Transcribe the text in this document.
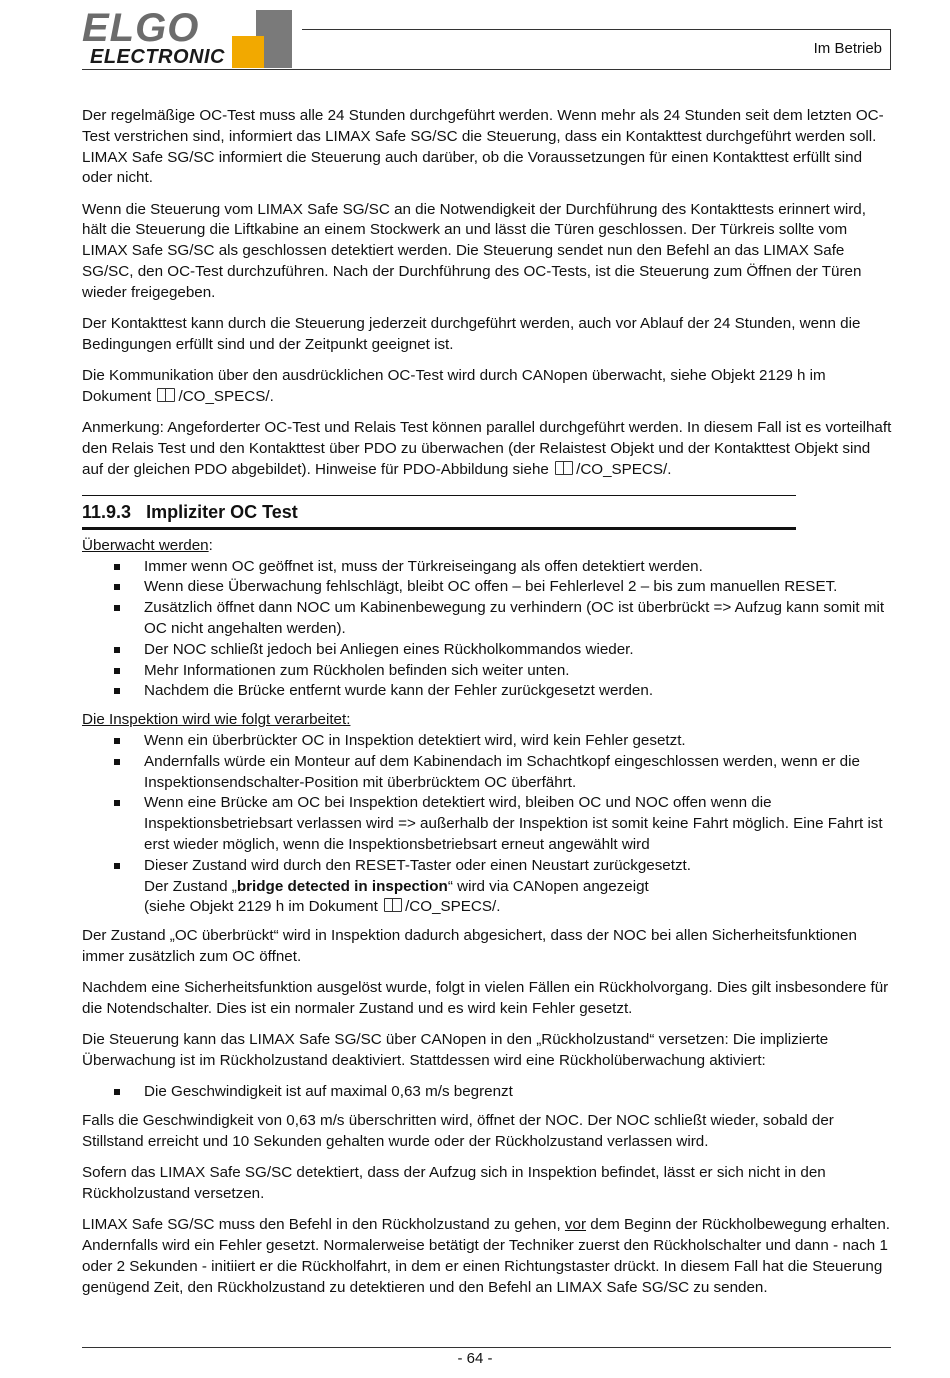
ELGO
ELECTRONIC	Im Betrieb

Der regelmäßige OC-Test muss alle 24 Stunden durchgeführt werden. Wenn mehr als 24 Stunden seit dem letzten OC-Test verstrichen sind, informiert das LIMAX Safe SG/SC die Steuerung, dass ein Kontakttest durchgeführt werden soll. LIMAX Safe SG/SC informiert die Steuerung auch darüber, ob die Voraussetzungen für einen Kontakttest erfüllt sind oder nicht.

Wenn die Steuerung vom LIMAX Safe SG/SC an die Notwendigkeit der Durchführung des Kontakttests erinnert wird, hält die Steuerung die Liftkabine an einem Stockwerk an und lässt die Türen geschlossen. Der Türkreis sollte vom LIMAX Safe SG/SC als geschlossen detektiert werden. Die Steuerung sendet nun den Befehl an das LIMAX Safe SG/SC, den OC-Test durchzuführen. Nach der Durchführung des OC-Tests, ist die Steuerung zum Öffnen der Türen wieder freigegeben.

Der Kontakttest kann durch die Steuerung jederzeit durchgeführt werden, auch vor Ablauf der 24 Stunden, wenn die Bedingungen erfüllt sind und der Zeitpunkt geeignet ist.

Die Kommunikation über den ausdrücklichen OC-Test wird durch CANopen überwacht, siehe Objekt 2129 h im Dokument /CO_SPECS/.

Anmerkung: Angeforderter OC-Test und Relais Test können parallel durchgeführt werden. In diesem Fall ist es vorteilhaft den Relais Test und den Kontakttest über PDO zu überwachen (der Relaistest Objekt und der Kontakttest Objekt sind auf der gleichen PDO abgebildet). Hinweise für PDO-Abbildung siehe /CO_SPECS/.

11.9.3 Impliziter OC Test
Überwacht werden:
Immer wenn OC geöffnet ist, muss der Türkreiseingang als offen detektiert werden.
Wenn diese Überwachung fehlschlägt, bleibt OC offen – bei Fehlerlevel 2 – bis zum manuellen RESET.
Zusätzlich öffnet dann NOC um Kabinenbewegung zu verhindern (OC ist überbrückt => Aufzug kann somit mit OC nicht angehalten werden).
Der NOC schließt jedoch bei Anliegen eines Rückholkommandos wieder.
Mehr Informationen zum Rückholen befinden sich weiter unten.
Nachdem die Brücke entfernt wurde kann der Fehler zurückgesetzt werden.
Die Inspektion wird wie folgt verarbeitet:
Wenn ein überbrückter OC in Inspektion detektiert wird, wird kein Fehler gesetzt.
Andernfalls würde ein Monteur auf dem Kabinendach im Schachtkopf eingeschlossen werden, wenn er die Inspektionsendschalter-Position mit überbrücktem OC überfährt.
Wenn eine Brücke am OC bei Inspektion detektiert wird, bleiben OC und NOC offen wenn die Inspektionsbetriebsart verlassen wird => außerhalb der Inspektion ist somit keine Fahrt möglich. Eine Fahrt ist erst wieder möglich, wenn die Inspektionsbetriebsart erneut angewählt wird
Dieser Zustand wird durch den RESET-Taster oder einen Neustart zurückgesetzt.
Der Zustand „bridge detected in inspection“ wird via CANopen angezeigt
(siehe Objekt 2129 h im Dokument /CO_SPECS/.

Der Zustand „OC überbrückt“ wird in Inspektion dadurch abgesichert, dass der NOC bei allen Sicherheitsfunktionen immer zusätzlich zum OC öffnet.

Nachdem eine Sicherheitsfunktion ausgelöst wurde, folgt in vielen Fällen ein Rückholvorgang. Dies gilt insbesondere für die Notendschalter. Dies ist ein normaler Zustand und es wird kein Fehler gesetzt.

Die Steuerung kann das LIMAX Safe SG/SC über CANopen in den „Rückholzustand“ versetzen: Die implizierte Überwachung ist im Rückholzustand deaktiviert. Stattdessen wird eine Rückholüberwachung aktiviert:

Die Geschwindigkeit ist auf maximal 0,63 m/s begrenzt

Falls die Geschwindigkeit von 0,63 m/s überschritten wird, öffnet der NOC. Der NOC schließt wieder, sobald der Stillstand erreicht und 10 Sekunden gehalten wurde oder der Rückholzustand verlassen wird.

Sofern das LIMAX Safe SG/SC detektiert, dass der Aufzug sich in Inspektion befindet, lässt er sich nicht in den Rückholzustand versetzen.

LIMAX Safe SG/SC muss den Befehl in den Rückholzustand zu gehen, vor dem Beginn der Rückholbewegung erhalten. Andernfalls wird ein Fehler gesetzt. Normalerweise betätigt der Techniker zuerst den Rückholschalter und dann - nach 1 oder 2 Sekunden - initiiert er die Rückholfahrt, in dem er einen Richtungstaster drückt. In diesem Fall hat die Steuerung genügend Zeit, den Rückholzustand zu detektieren und den Befehl an LIMAX Safe SG/SC zu senden.

- 64 -
